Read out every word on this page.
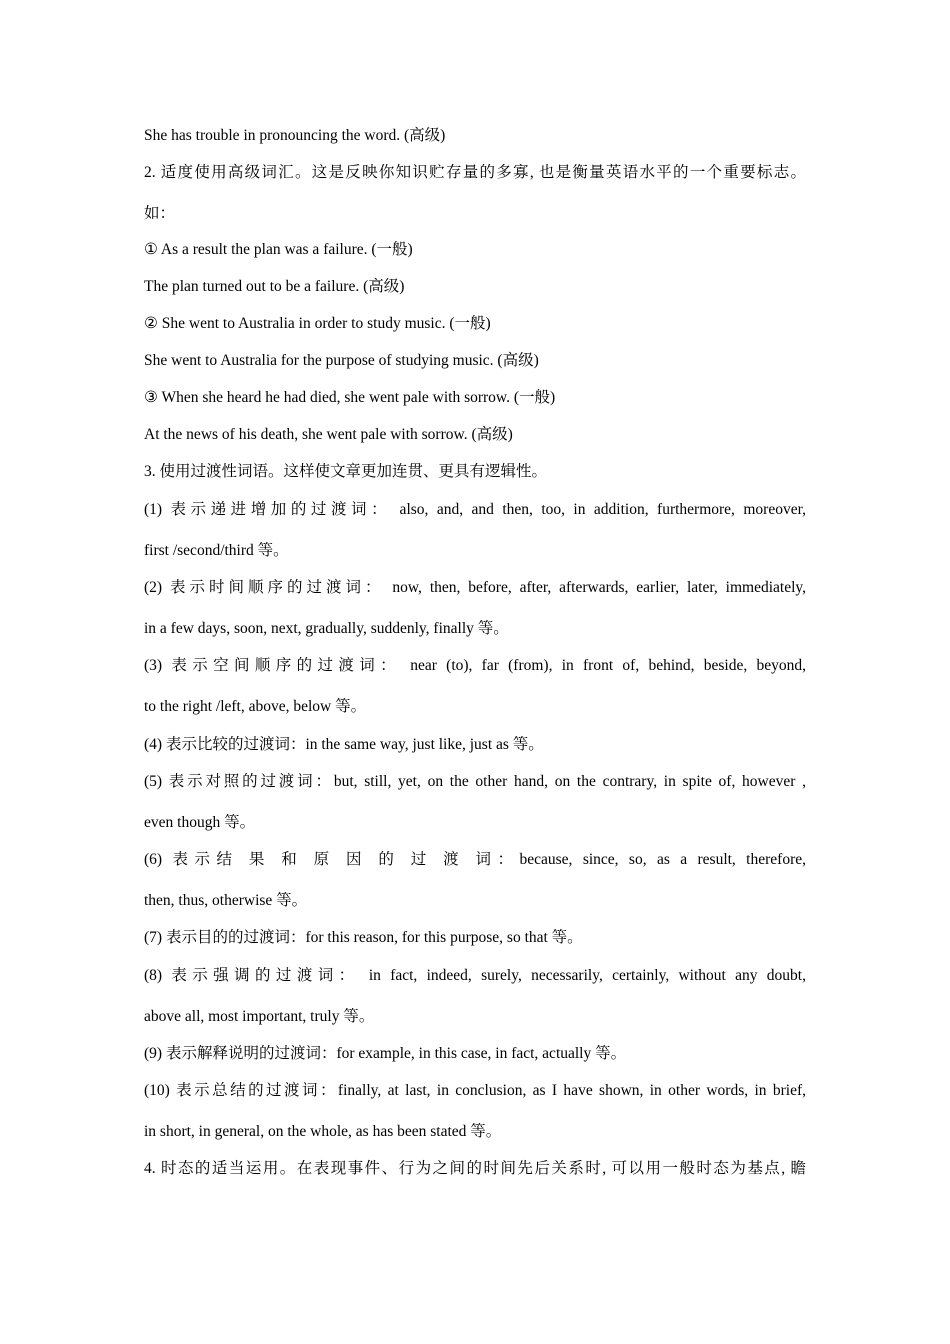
She has trouble in pronouncing the word. (高级)
2. 适度使用高级词汇。这是反映你知识贮存量的多寡, 也是衡量英语水平的一个重要标志。
如：
① As a result the plan was a failure. (一般)
The plan turned out to be a failure. (高级)
② She went to Australia in order to study music. (一般)
She went to Australia for the purpose of studying music. (高级)
③ When she heard he had died, she went pale with sorrow. (一般)
At the news of his death, she went pale with sorrow. (高级)
3. 使用过渡性词语。这样使文章更加连贯、更具有逻辑性。
(1) 表示递进增加的过渡词： also, and, and then, too, in addition, furthermore, moreover,
first /second/third 等。
(2) 表示时间顺序的过渡词： now, then, before, after, afterwards, earlier, later, immediately,
in a few days, soon, next, gradually, suddenly, finally 等。
(3) 表示空间顺序的过渡词： near (to), far (from), in front of, behind, beside, beyond,
to the right /left, above, below 等。
(4) 表示比较的过渡词：in the same way, just like, just as 等。
(5) 表示对照的过渡词：but, still, yet, on the other hand, on the contrary, in spite of, however ,
even though 等。
(6) 表示结 果 和 原 因 的 过 渡 词：because, since, so, as a result, therefore,
then, thus, otherwise 等。
(7) 表示目的的过渡词：for this reason, for this purpose, so that 等。
(8) 表示强调的过渡词： in fact, indeed, surely, necessarily, certainly, without any doubt,
above all, most important, truly 等。
(9) 表示解释说明的过渡词：for example, in this case, in fact, actually 等。
(10) 表示总结的过渡词：finally, at last, in conclusion, as I have shown, in other words, in brief,
in short, in general, on the whole, as has been stated 等。
4. 时态的适当运用。在表现事件、行为之间的时间先后关系时, 可以用一般时态为基点, 瞻
